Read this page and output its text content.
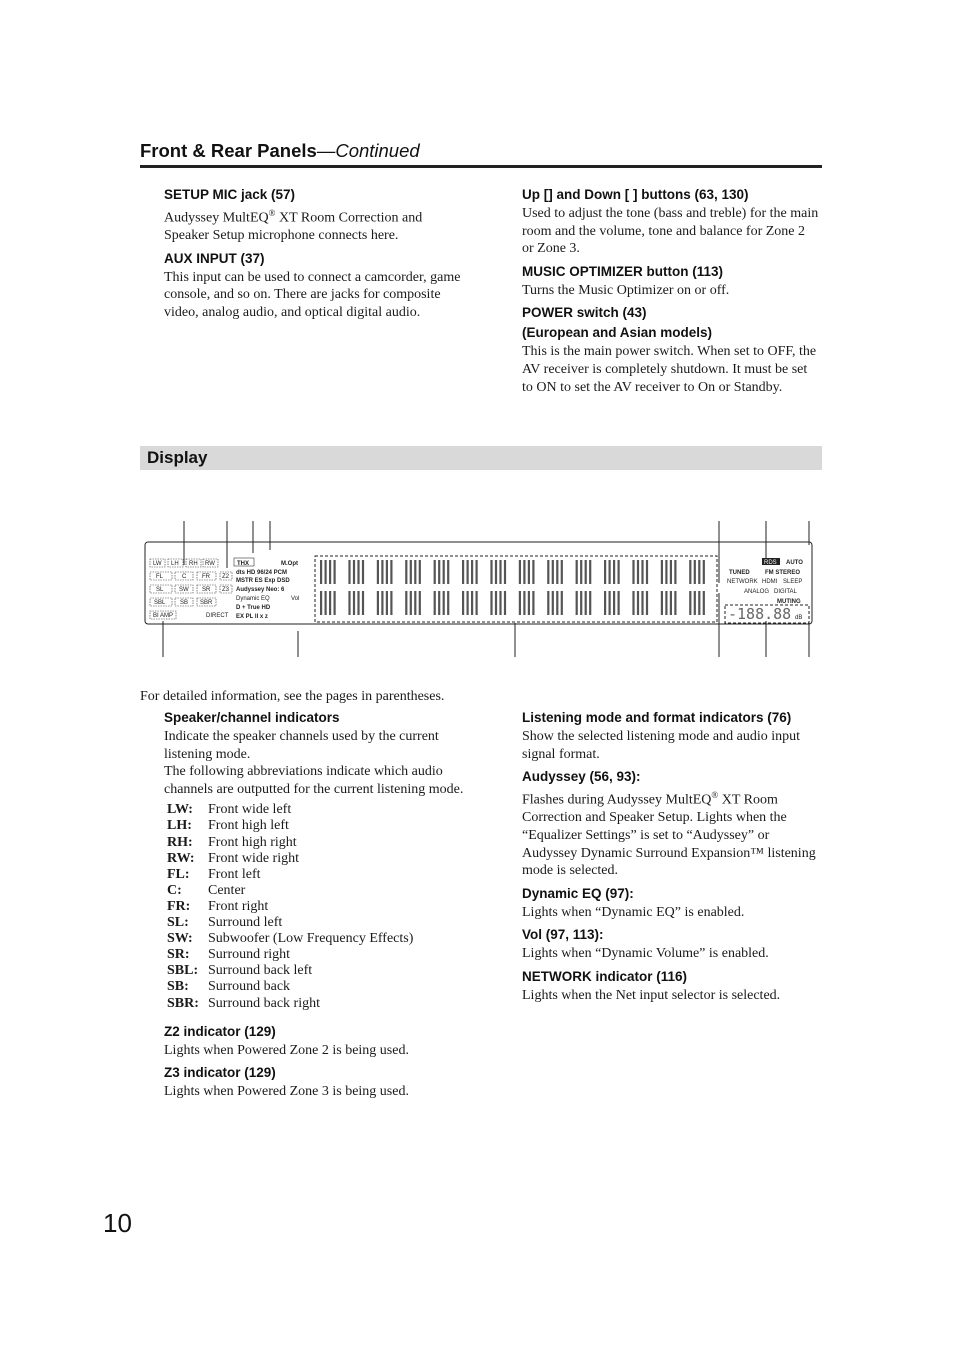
Front & Rear Panels—Continued

SETUP MIC jack (57)

Audyssey MultEQ® XT Room Correction and Speaker Setup microphone connects here.

AUX INPUT (37)

This input can be used to connect a camcorder, game console, and so on. There are jacks for composite video, analog audio, and optical digital audio.

Up [] and Down [ ] buttons (63, 130)

Used to adjust the tone (bass and treble) for the main room and the volume, tone and balance for Zone 2 or Zone 3.

MUSIC OPTIMIZER button (113)

Turns the Music Optimizer on or off.

POWER switch (43)

(European and Asian models)

This is the main power switch. When set to OFF, the AV receiver is completely shutdown. It must be set to ON to set the AV receiver to On or Standby.

Display
LW LH RH RW
FL	C	FR Z2
SL	SW SR Z3
SBL SB SBR
BI AMP	DIRECT
THX	M.Opt
dts HD 96/24 PCM
MSTR ES Exp DSD
Audyssey Neo: 6
Dynamic EQ	Vol
D + True HD
EX PL II x z
RDS AUTO
TUNED	FM STEREO
NETWORK HDMI SLEEP
ANALOG DIGITAL
MUTING
-188.88 dB
For detailed information, see the pages in parentheses.

Speaker/channel indicators

Indicate the speaker channels used by the current listening mode.

The following abbreviations indicate which audio channels are outputted for the current listening mode.

LW:	Front wide left
LH:	Front high left
RH:	Front high right
RW: Front wide right
FL:	Front left
C:	Center
FR:	Front right
SL:	Surround left
SW:	Subwoofer (Low Frequency Effects)
SR:	Surround right
SBL: Surround back left
SB:	Surround back
SBR: Surround back right

Z2 indicator (129)

Lights when Powered Zone 2 is being used.

Z3 indicator (129)

Lights when Powered Zone 3 is being used.

Listening mode and format indicators (76)

Show the selected listening mode and audio input signal format.

Audyssey (56, 93):

Flashes during Audyssey MultEQ® XT Room Correction and Speaker Setup. Lights when the “Equalizer Settings” is set to “Audyssey” or Audyssey Dynamic Surround Expansion™ listening mode is selected.

Dynamic EQ (97):

Lights when “Dynamic EQ” is enabled.

Vol (97, 113):

Lights when “Dynamic Volume” is enabled.

NETWORK indicator (116)

Lights when the Net input selector is selected.

10
